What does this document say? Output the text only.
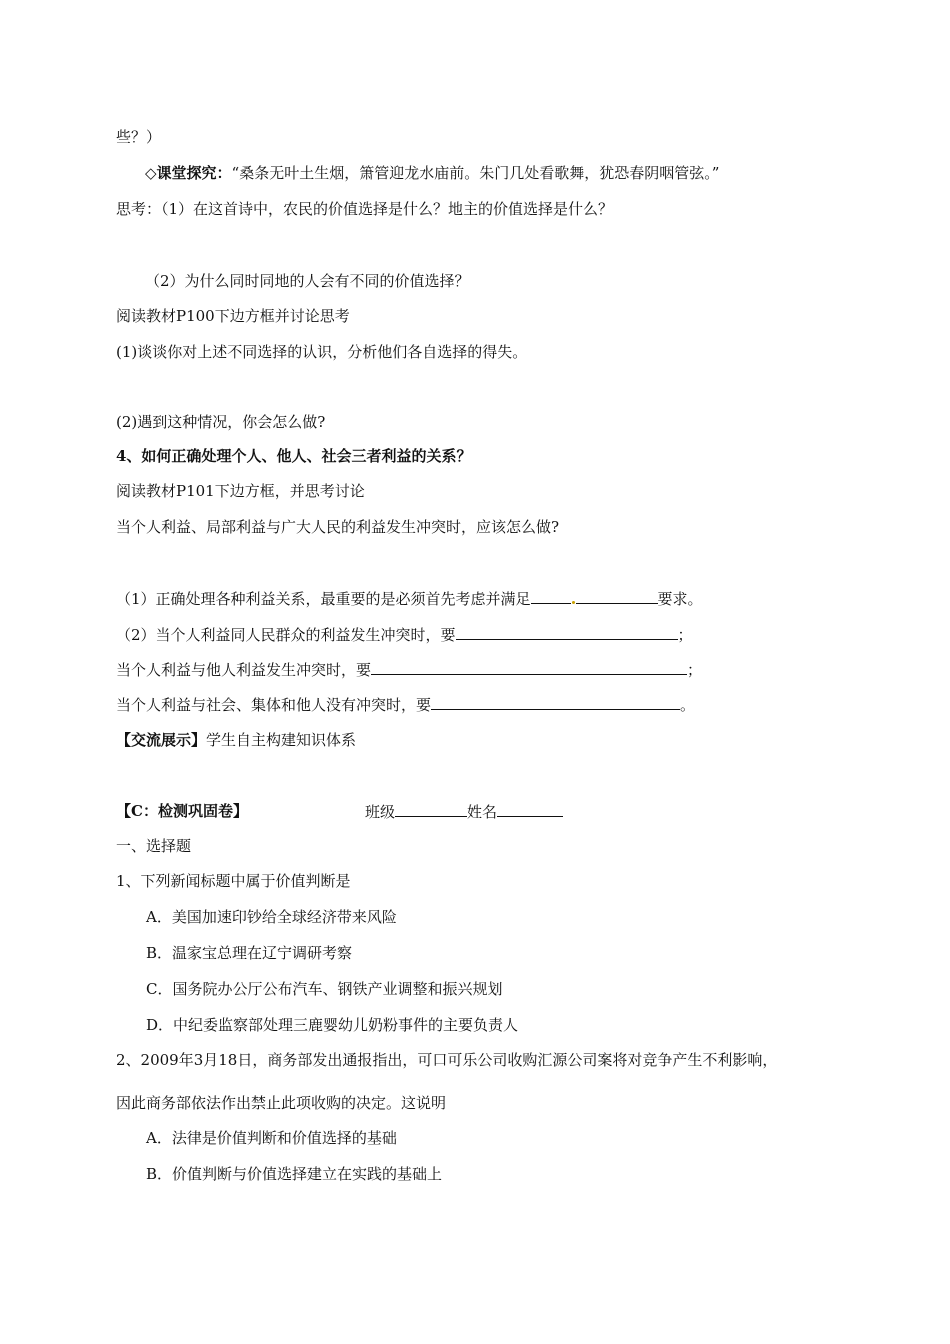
些？）
◇课堂探究：“桑条无叶土生烟，箫管迎龙水庙前。朱门几处看歌舞，犹恐春阴咽管弦。”
思考：（1）在这首诗中，农民的价值选择是什么？地主的价值选择是什么？
（2）为什么同时同地的人会有不同的价值选择？
阅读教材P100下边方框并讨论思考
(1)谈谈你对上述不同选择的认识，分析他们各自选择的得失。
(2)遇到这种情况，你会怎么做?
4、如何正确处理个人、他人、社会三者利益的关系？
阅读教材P101下边方框，并思考讨论
当个人利益、局部利益与广大人民的利益发生冲突时，应该怎么做?
（1）正确处理各种利益关系，最重要的是必须首先考虑并满足	要求。
（2）当个人利益同人民群众的利益发生冲突时，要	；
当个人利益与他人利益发生冲突时，要	；
当个人利益与社会、集体和他人没有冲突时，要	。
【交流展示】学生自主构建知识体系
【C：检测巩固卷】	班级	姓名
一、选择题
1、下列新闻标题中属于价值判断是
A．美国加速印钞给全球经济带来风险
B．温家宝总理在辽宁调研考察
C．国务院办公厅公布汽车、钢铁产业调整和振兴规划
D．中纪委监察部处理三鹿婴幼儿奶粉事件的主要负责人
2、2009年3月18日，商务部发出通报指出，可口可乐公司收购汇源公司案将对竞争产生不利影响，
因此商务部依法作出禁止此项收购的决定。这说明
A．法律是价值判断和价值选择的基础
B．价值判断与价值选择建立在实践的基础上
